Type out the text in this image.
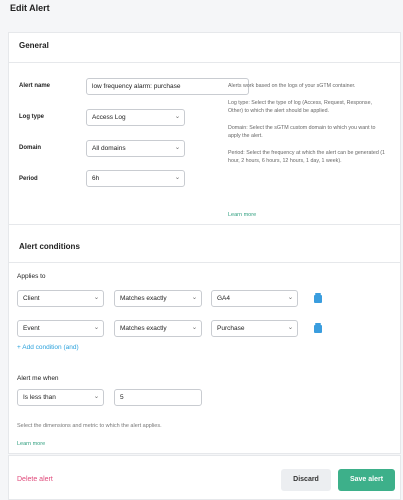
Edit Alert
General
Alert name	low frequency alarm: purchase
Log type	Access Log
⌄
Domain	All domains
⌄
Period	6h
⌄

Alerts work based on the logs of your sGTM container.

Log type: Select the type of log (Access, Request, Response, Other) to which the alert should be applied.

Domain: Select the sGTM custom domain to which you want to apply the alert.

Period: Select the frequency at which the alert can be generated (1 hour, 2 hours, 6 hours, 12 hours, 1 day, 1 week).

Learn more
Alert conditions
Applies to
Client ⌄	Matches exactly ⌄	GA4
⌄
Event ⌄	Matches exactly ⌄	Purchase
⌄
+ Add condition (and)
Alert me when
Is less than ⌄	5
Select the dimensions and metric to which the alert applies.
Learn more
Delete alert	Discard	Save alert
